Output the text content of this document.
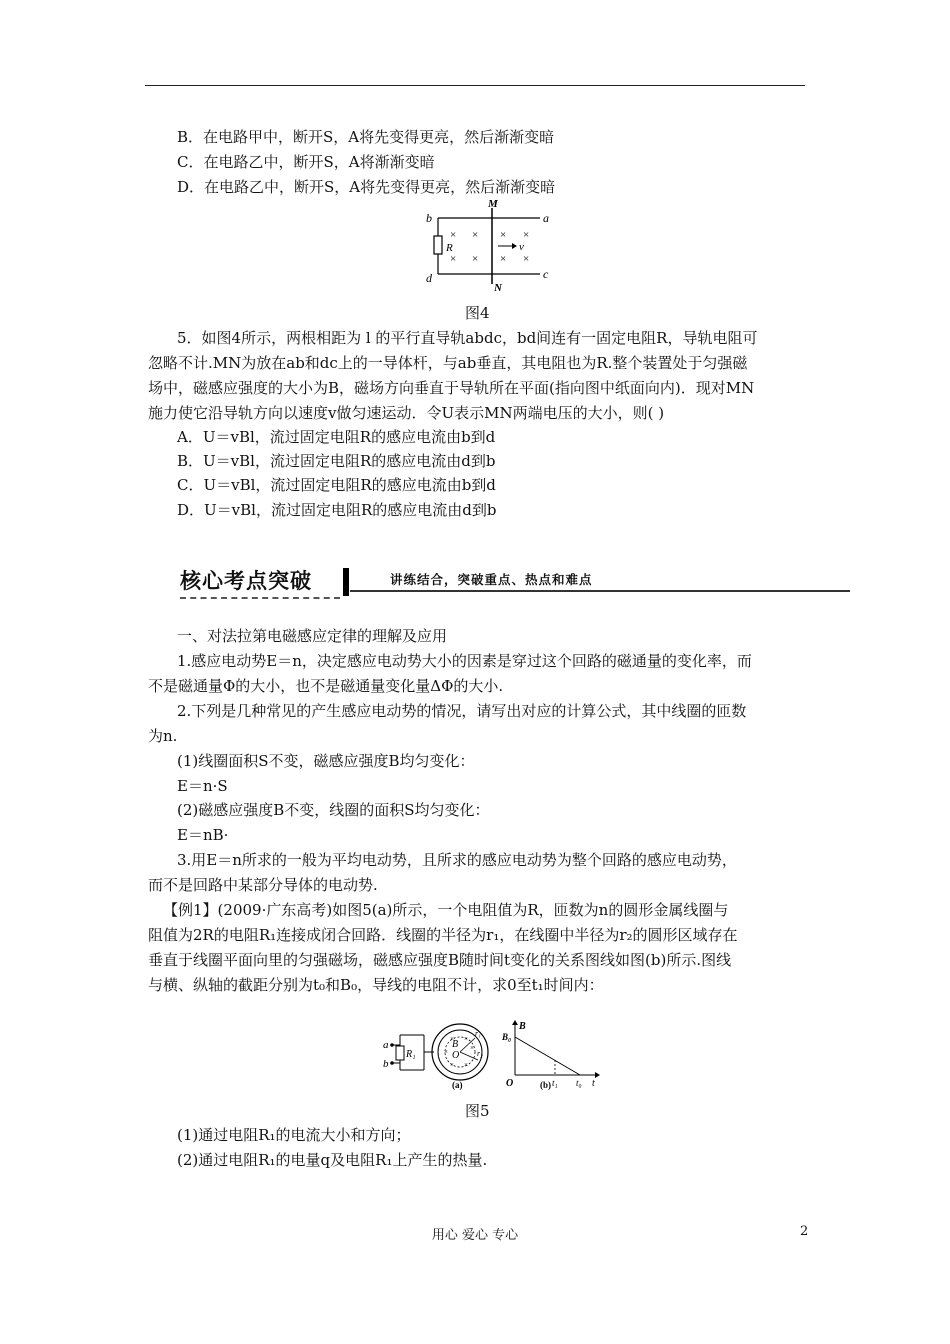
B．在电路甲中，断开S，A将先变得更亮，然后渐渐变暗
C．在电路乙中，断开S，A将渐渐变暗
D．在电路乙中，断开S，A将先变得更亮，然后渐渐变暗
b	a
d	c
M
N
R	v
× × × ×
× × × ×
图4
5．如图4所示，两根相距为 l 的平行直导轨abdc，bd间连有一固定电阻R，导轨电阻可
忽略不计.MN为放在ab和dc上的一导体杆，与ab垂直，其电阻也为R.整个装置处于匀强磁
场中，磁感应强度的大小为B，磁场方向垂直于导轨所在平面(指向图中纸面向内)．现对MN
施力使它沿导轨方向以速度v做匀速运动．令U表示MN两端电压的大小，则( )
A．U＝vBl，流过固定电阻R的感应电流由b到d
B．U＝vBl，流过固定电阻R的感应电流由d到b
C．U＝vBl，流过固定电阻R的感应电流由b到d
D．U＝vBl，流过固定电阻R的感应电流由d到b
核心考点突破	讲练结合，突破重点、热点和难点
一、对法拉第电磁感应定律的理解及应用
1.感应电动势E＝n，决定感应电动势大小的因素是穿过这个回路的磁通量的变化率，而
不是磁通量Φ的大小，也不是磁通量变化量ΔΦ的大小.
2.下列是几种常见的产生感应电动势的情况，请写出对应的计算公式，其中线圈的匝数
为n.
(1)线圈面积S不变，磁感应强度B均匀变化：
E＝n·S
(2)磁感应强度B不变，线圈的面积S均匀变化：
E＝nB·
3.用E＝n所求的一般为平均电动势，且所求的感应电动势为整个回路的感应电动势，
而不是回路中某部分导体的电动势.
【例1】(2009·广东高考)如图5(a)所示，一个电阻值为R，匝数为n的圆形金属线圈与
阻值为2R的电阻R₁连接成闭合回路．线圈的半径为r₁，在线圈中半径为r₂的圆形区域存在
垂直于线圈平面向里的匀强磁场，磁感应强度B随时间t变化的关系图线如图(b)所示.图线
与横、纵轴的截距分别为t₀和B₀，导线的电阻不计，求0至t₁时间内：
a
b
R₁
B
O
r₁
r₂
× ×
×	×
× ×
(a)
B
B₀
O	t₁ t₀ t
(b)
图5
(1)通过电阻R₁的电流大小和方向；
(2)通过电阻R₁的电量q及电阻R₁上产生的热量.
用心 爱心 专心	2
